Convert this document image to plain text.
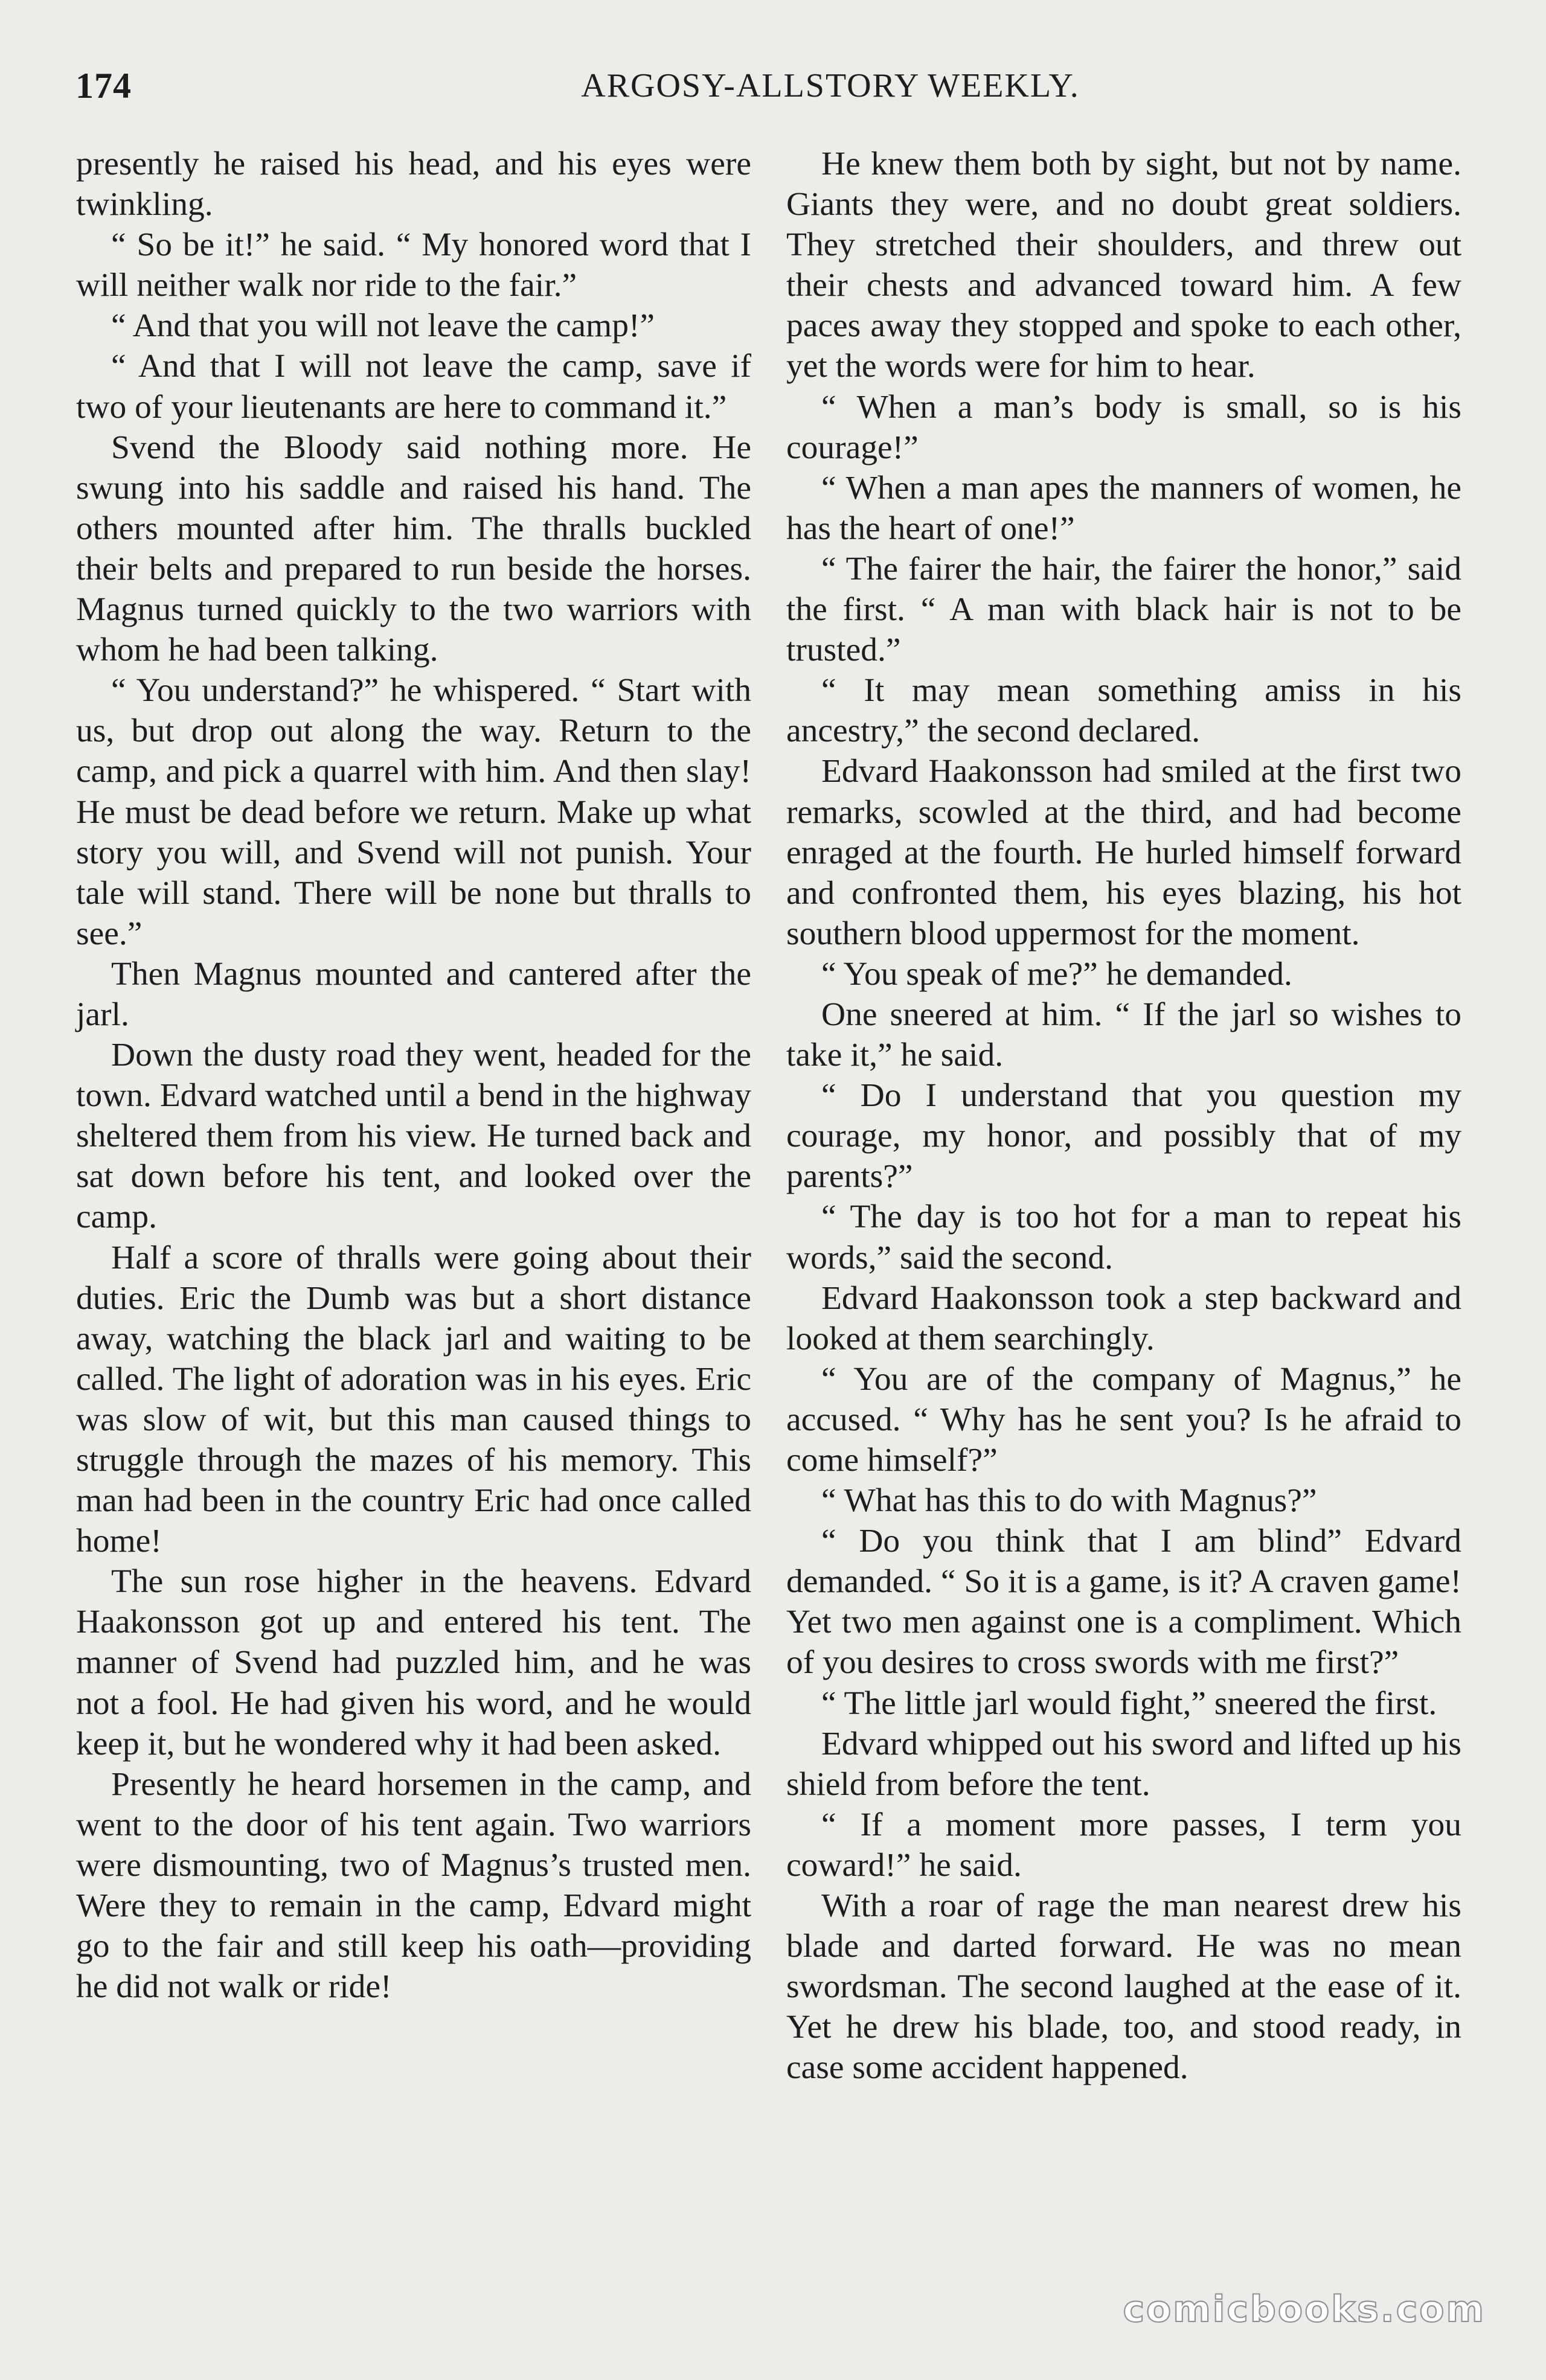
174	ARGOSY-ALLSTORY WEEKLY.

presently he raised his head, and his eyes were twinkling.

“ So be it!” he said. “ My honored word that I will neither walk nor ride to the fair.”

“ And that you will not leave the camp!”

“ And that I will not leave the camp, save if two of your lieutenants are here to command it.”

Svend the Bloody said nothing more. He swung into his saddle and raised his hand. The others mounted after him. The thralls buckled their belts and prepared to run beside the horses. Magnus turned quickly to the two warriors with whom he had been talking.

“ You understand?” he whispered. “ Start with us, but drop out along the way. Return to the camp, and pick a quarrel with him. And then slay! He must be dead before we return. Make up what story you will, and Svend will not punish. Your tale will stand. There will be none but thralls to see.”

Then Magnus mounted and cantered after the jarl.

Down the dusty road they went, headed for the town. Edvard watched until a bend in the highway sheltered them from his view. He turned back and sat down before his tent, and looked over the camp.

Half a score of thralls were going about their duties. Eric the Dumb was but a short distance away, watching the black jarl and waiting to be called. The light of adoration was in his eyes. Eric was slow of wit, but this man caused things to struggle through the mazes of his memory. This man had been in the country Eric had once called home!

The sun rose higher in the heavens. Edvard Haakonsson got up and entered his tent. The manner of Svend had puzzled him, and he was not a fool. He had given his word, and he would keep it, but he wondered why it had been asked.

Presently he heard horsemen in the camp, and went to the door of his tent again. Two warriors were dismounting, two of Magnus’s trusted men. Were they to remain in the camp, Edvard might go to the fair and still keep his oath—providing he did not walk or ride!

He knew them both by sight, but not by name. Giants they were, and no doubt great soldiers. They stretched their shoulders, and threw out their chests and advanced toward him. A few paces away they stopped and spoke to each other, yet the words were for him to hear.

“ When a man’s body is small, so is his courage!”

“ When a man apes the manners of women, he has the heart of one!”

“ The fairer the hair, the fairer the honor,” said the first. “ A man with black hair is not to be trusted.”

“ It may mean something amiss in his ancestry,” the second declared.

Edvard Haakonsson had smiled at the first two remarks, scowled at the third, and had become enraged at the fourth. He hurled himself forward and confronted them, his eyes blazing, his hot southern blood uppermost for the moment.

“ You speak of me?” he demanded.

One sneered at him. “ If the jarl so wishes to take it,” he said.

“ Do I understand that you question my courage, my honor, and possibly that of my parents?”

“ The day is too hot for a man to repeat his words,” said the second.

Edvard Haakonsson took a step backward and looked at them searchingly.

“ You are of the company of Magnus,” he accused. “ Why has he sent you? Is he afraid to come himself?”

“ What has this to do with Magnus?”

“ Do you think that I am blind” Edvard demanded. “ So it is a game, is it? A craven game! Yet two men against one is a compliment. Which of you desires to cross swords with me first?”

“ The little jarl would fight,” sneered the first.

Edvard whipped out his sword and lifted up his shield from before the tent.

“ If a moment more passes, I term you coward!” he said.

With a roar of rage the man nearest drew his blade and darted forward. He was no mean swordsman. The second laughed at the ease of it. Yet he drew his blade, too, and stood ready, in case some accident happened.

comicbooks.com
